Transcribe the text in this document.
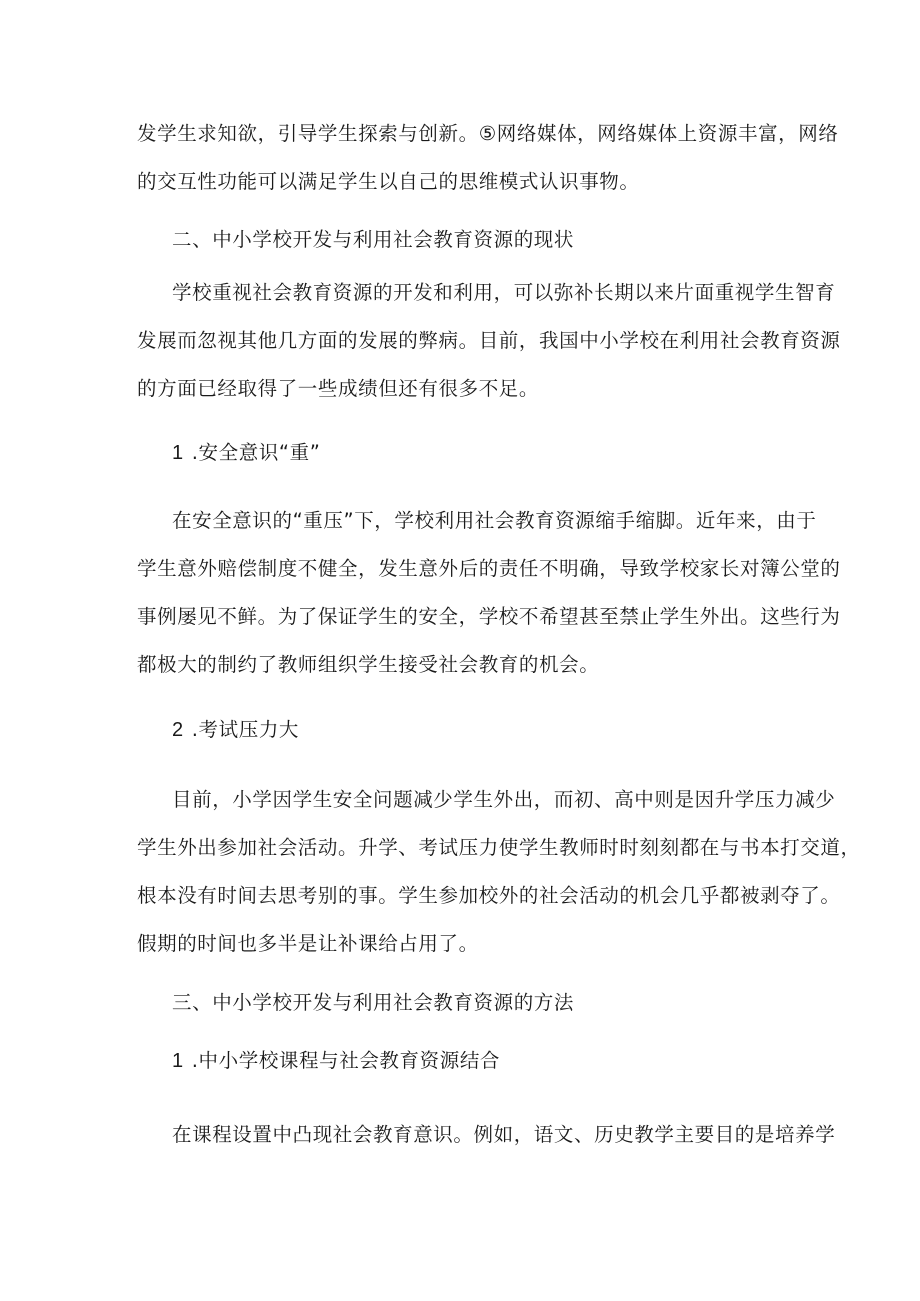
发学生求知欲，引导学生探索与创新。⑤网络媒体，网络媒体上资源丰富，网络

的交互性功能可以满足学生以自己的思维模式认识事物。

二、中小学校开发与利用社会教育资源的现状

学校重视社会教育资源的开发和利用，可以弥补长期以来片面重视学生智育

发展而忽视其他几方面的发展的弊病。目前，我国中小学校在利用社会教育资源

的方面已经取得了一些成绩但还有很多不足。

1 .安全意识“重”

在安全意识的“重压”下，学校利用社会教育资源缩手缩脚。近年来，由于

学生意外赔偿制度不健全，发生意外后的责任不明确，导致学校家长对簿公堂的

事例屡见不鲜。为了保证学生的安全，学校不希望甚至禁止学生外出。这些行为

都极大的制约了教师组织学生接受社会教育的机会。

2 .考试压力大

目前，小学因学生安全问题减少学生外出，而初、高中则是因升学压力减少

学生外出参加社会活动。升学、考试压力使学生教师时时刻刻都在与书本打交道，

根本没有时间去思考别的事。学生参加校外的社会活动的机会几乎都被剥夺了。

假期的时间也多半是让补课给占用了。

三、中小学校开发与利用社会教育资源的方法

1 .中小学校课程与社会教育资源结合

在课程设置中凸现社会教育意识。例如，语文、历史教学主要目的是培养学
